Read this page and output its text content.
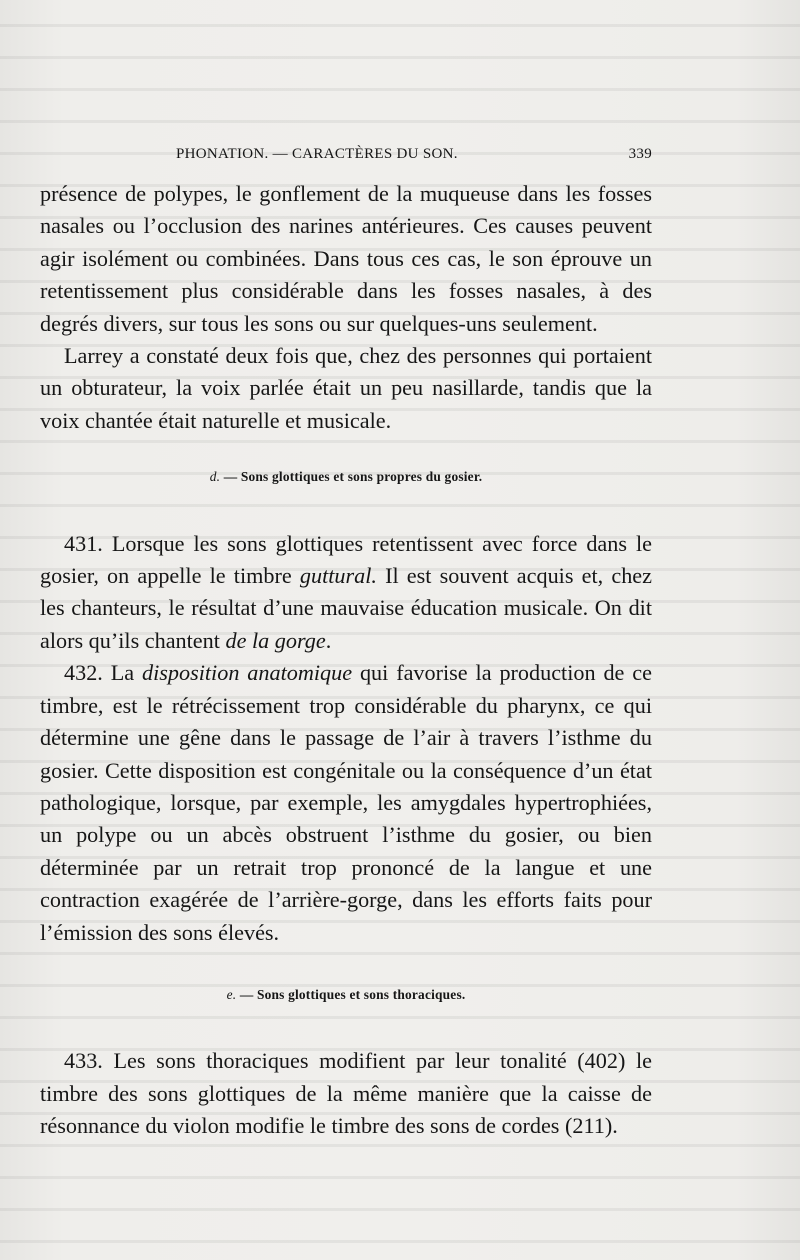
PHONATION. — CARACTÈRES DU SON.	339

présence de polypes, le gonflement de la muqueuse dans les fosses nasales ou l’occlusion des narines antérieures. Ces causes peuvent agir isolément ou combinées. Dans tous ces cas, le son éprouve un retentissement plus considérable dans les fosses nasales, à des degrés divers, sur tous les sons ou sur quelques-uns seulement.

Larrey a constaté deux fois que, chez des personnes qui portaient un obturateur, la voix parlée était un peu nasillarde, tandis que la voix chantée était naturelle et musicale.

d. — Sons glottiques et sons propres du gosier.

431. Lorsque les sons glottiques retentissent avec force dans le gosier, on appelle le timbre guttural. Il est souvent acquis et, chez les chanteurs, le résultat d’une mauvaise éducation musicale. On dit alors qu’ils chantent de la gorge.

432. La disposition anatomique qui favorise la production de ce timbre, est le rétrécissement trop considérable du pharynx, ce qui détermine une gêne dans le passage de l’air à travers l’isthme du gosier. Cette disposition est congénitale ou la conséquence d’un état pathologique, lorsque, par exemple, les amygdales hypertrophiées, un polype ou un abcès obstruent l’isthme du gosier, ou bien déterminée par un retrait trop prononcé de la langue et une contraction exagérée de l’arrière-gorge, dans les efforts faits pour l’émission des sons élevés.

e. — Sons glottiques et sons thoraciques.

433. Les sons thoraciques modifient par leur tonalité (402) le timbre des sons glottiques de la même manière que la caisse de résonnance du violon modifie le timbre des sons de cordes (211).
